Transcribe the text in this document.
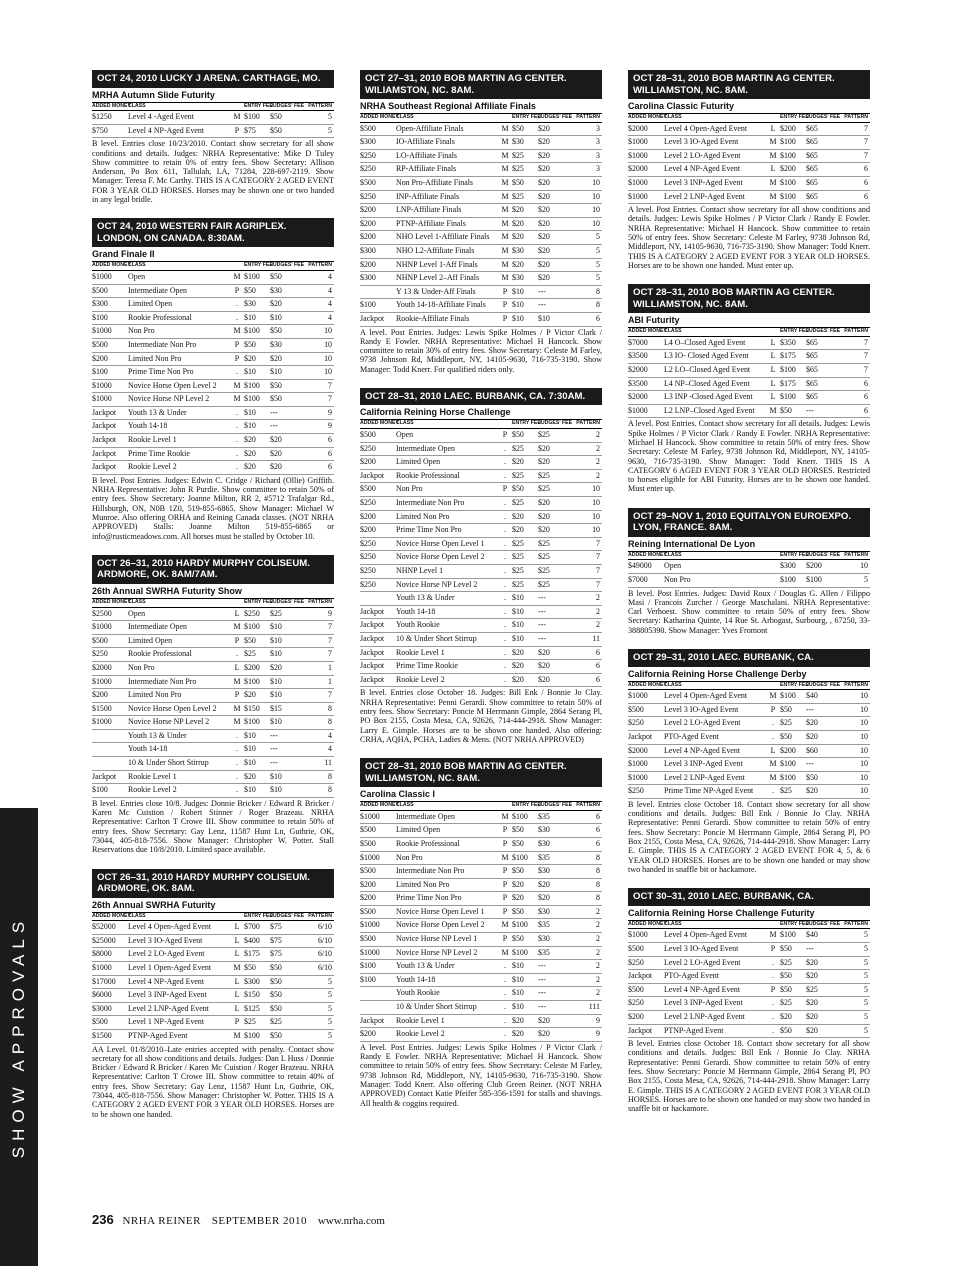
SHOW APPROVALS
OCT 24, 2010 LUCKY J ARENA. CARTHAGE, MO.
MRHA Autumn Slide Futurity
ADDED MONEY	CLASS		ENTRY FEE	JUDGES' FEE	PATTERN
$1250	Level 4 -Aged Event	M	$100	$50	5
$750	Level 4 NP-Aged Event	P	$75	$50	5
B level. Entries close 10/23/2010. Contact show secretary for all show conditions and details. Judges: NRHA Representative: Mike D Tuley Show committee to retain 0% of entry fees. Show Secretary: Allison Anderson, Po Box 611, Tallulah, LA, 71284, 228-697-2119. Show Manager: Teresa F. Mc Carthy. THIS IS A CATEGORY 2 AGED EVENT FOR 3 YEAR OLD HORSES. Horses may be shown one or two handed in any legal bridle.
OCT 24, 2010 WESTERN FAIR AGRIPLEX. LONDON, ON CANADA. 8:30AM.
Grand Finale II
ADDED MONEY	CLASS		ENTRY FEE	JUDGES' FEE	PATTERN
$1000	Open	M	$100	$50	4
$500	Intermediate Open	P	$50	$30	4
$300	Limited Open	.	$30	$20	4
$100	Rookie Professional	.	$10	$10	4
$1000	Non Pro	M	$100	$50	10
$500	Intermediate Non Pro	P	$50	$30	10
$200	Limited Non Pro	P	$20	$20	10
$100	Prime Time Non Pro	.	$10	$10	10
$1000	Novice Horse Open Level 2	M	$100	$50	7
$1000	Novice Horse NP Level 2	M	$100	$50	7
Jackpot	Youth 13 & Under	.	$10	---	9
Jackpot	Youth 14-18	.	$10	---	9
Jackpot	Rookie Level 1	.	$20	$20	6
Jackpot	Prime Time Rookie	.	$20	$20	6
Jackpot	Rookie Level 2	.	$20	$20	6
B level. Post Entries. Judges: Edwin C. Cridge / Richard (Ollie) Griffith. NRHA Representative: John R Purdie. Show committee to retain 50% of entry fees. Show Secretary: Joanne Milton, RR 2, #5712 Trafalgar Rd., Hillsburgh, ON, N0B 1Z0, 519-855-6865. Show Manager: Michael W Munroe. Also offering ORHA and Reining Canada classes. (NOT NRHA APPROVED) Stalls: Joanne Milton 519-855-6865 or info@rusticmeadows.com. All horses must be stalled by October 10.
OCT 26–31, 2010 HARDY MURPHY COLISEUM. ARDMORE, OK. 8AM/7AM.
26th Annual SWRHA Futurity Show
ADDED MONEY	CLASS		ENTRY FEE	JUDGES' FEE	PATTERN
$2500	Open	L	$250	$25	9
$1000	Intermediate Open	M	$100	$10	7
$500	Limited Open	P	$50	$10	7
$250	Rookie Professional	.	$25	$10	7
$2000	Non Pro	L	$200	$20	1
$1000	Intermediate Non Pro	M	$100	$10	1
$200	Limited Non Pro	P	$20	$10	7
$1500	Novice Horse Open Level 2	M	$150	$15	8
$1000	Novice Horse NP Level 2	M	$100	$10	8
	Youth 13 & Under	.	$10	---	4
	Youth 14-18	.	$10	---	4
	10 & Under Short Stirrup	.	$10	---	11
Jackpot	Rookie Level 1	.	$20	$10	8
$100	Rookie Level 2	.	$10	$10	8
B level. Entries close 10/8. Judges: Donnie Bricker / Edward R Bricker / Karen Mc Cuistion / Robert Stinner / Roger Brazeau. NRHA Representative: Carlton T Crowe III. Show committee to retain 50% of entry fees. Show Secretary: Gay Lenz, 11587 Hunt Ln, Guthrie, OK, 73044, 405-818-7556. Show Manager: Christopher W. Potter. Stall Reservations due 10/8/2010. Limited space available.
OCT 26–31, 2010 HARDY MURHPY COLISEUM. ARDMORE, OK. 8AM.
26th Annual SWRHA Futurity
ADDED MONEY	CLASS		ENTRY FEE	JUDGES' FEE	PATTERN
$52000	Level 4 Open-Aged Event	L	$700	$75	6/10
$25000	Level 3 IO-Aged Event	L	$400	$75	6/10
$8000	Level 2 LO-Aged Event	L	$175	$75	6/10
$1000	Level 1 Open-Aged Event	M	$50	$50	6/10
$17000	Level 4 NP-Aged Event	L	$300	$50	5
$6000	Level 3 INP-Aged Event	L	$150	$50	5
$3000	Level 2 LNP-Aged Event	L	$125	$50	5
$500	Level 1 NP-Aged Event	P	$25	$25	5
$1500	PTNP-Aged Event	M	$100	$50	5
AA Level. 01/8/2010–Late entries accepted with penalty. Contact show secretary for all show conditions and details. Judges: Dan L Huss / Donnie Bricker / Edward R Bricker / Karen Mc Cuistion / Roger Brazeau. NRHA Representative: Carlton T Crowe III. Show committee to retain 40% of entry fees. Show Secretary: Gay Lenz, 11587 Hunt Ln, Guthrie, OK, 73044, 405-818-7556. Show Manager: Christopher W. Potter. THIS IS A CATEGORY 2 AGED EVENT FOR 3 YEAR OLD HORSES. Horses are to be shown one handed.
OCT 27–31, 2010 BOB MARTIN AG CENTER. WILIAMSTON, NC. 8AM.
NRHA Southeast Regional Affiliate Finals
ADDED MONEY	CLASS		ENTRY FEE	JUDGES' FEE	PATTERN
$500	Open-Affiliate Finals	M	$50	$20	3
$300	IO-Affiliate Finals	M	$30	$20	3
$250	LO-Affiliate Finals	M	$25	$20	3
$250	RP-Affiliate Finals	M	$25	$20	3
$500	Non Pro-Affiliate Finals	M	$50	$20	10
$250	INP-Affiliate Finals	M	$25	$20	10
$200	LNP-Affiliate Finals	M	$20	$20	10
$200	PTNP-Affiliate Finals	M	$20	$20	10
$200	NHO Level 1-Affiliate Finals	M	$20	$20	5
$300	NHO L2-Affiliate Finals	M	$30	$20	5
$200	NHNP Level 1-Aff Finals	M	$20	$20	5
$300	NHNP Level 2–Aff Finals	M	$30	$20	5
	Y 13 & Under-Aff Finals	P	$10	---	8
$100	Youth 14-18-Affiliate Finals	P	$10	---	8
Jackpot	Rookie-Affiliate Finals	P	$10	$10	6
A level. Post Entries. Judges: Lewis Spike Holmes / P Victor Clark / Randy E Fowler. NRHA Representative: Michael H Hancock. Show committee to retain 30% of entry fees. Show Secretary: Celeste M Farley, 9738 Johnson Rd, Middleport, NY, 14105-9630, 716-735-3190. Show Manager: Todd Knerr. For qualified riders only.
OCT 28–31, 2010 LAEC. BURBANK, CA. 7:30AM.
California Reining Horse Challenge
ADDED MONEY	CLASS		ENTRY FEE	JUDGES' FEE	PATTERN
$500	Open	P	$50	$25	2
$250	Intermediate Open	.	$25	$20	2
$200	Limited Open	.	$20	$20	2
Jackpot	Rookie Professional	.	$25	$25	2
$500	Non Pro	P	$50	$25	10
$250	Intermediate Non Pro	.	$25	$20	10
$200	Limited Non Pro	.	$20	$20	10
$200	Prime Time Non Pro	.	$20	$20	10
$250	Novice Horse Open Level 1	.	$25	$25	7
$250	Novice Horse Open Level 2	.	$25	$25	7
$250	NHNP Level 1	.	$25	$25	7
$250	Novice Horse NP Level 2	.	$25	$25	7
	Youth 13 & Under	.	$10	---	2
Jackpot	Youth 14-18	.	$10	---	2
Jackpot	Youth Rookie	.	$10	---	2
Jackpot	10 & Under Short Stirrup	.	$10	---	11
Jackpot	Rookie Level 1	.	$20	$20	6
Jackpot	Prime Time Rookie	.	$20	$20	6
Jackpot	Rookie Level 2	.	$20	$20	6
B level. Entries close October 18. Judges: Bill Enk / Bonnie Jo Clay. NRHA Representative: Penni Gerardi. Show committee to retain 50% of entry fees. Show Secretary: Poncie M Herrmann Gimple, 2864 Serang Pl, PO Box 2155, Costa Mesa, CA, 92626, 714-444-2918. Show Manager: Larry E. Gimple. Horses are to be shown one handed. Also offering: CRHA, AQHA, PCHA, Ladies & Mens. (NOT NRHA APPROVED)
OCT 28–31, 2010 BOB MARTIN AG CENTER. WILLIAMSTON, NC. 8AM.
Carolina Classic I
ADDED MONEY	CLASS		ENTRY FEE	JUDGES' FEE	PATTERN
$1000	Intermediate Open	M	$100	$35	6
$500	Limited Open	P	$50	$30	6
$500	Rookie Professional	P	$50	$30	6
$1000	Non Pro	M	$100	$35	8
$500	Intermediate Non Pro	P	$50	$30	8
$200	Limited Non Pro	P	$20	$20	8
$200	Prime Time Non Pro	P	$20	$20	8
$500	Novice Horse Open Level 1	P	$50	$30	2
$1000	Novice Horse Open Level 2	M	$100	$35	2
$500	Novice Horse NP Level 1	P	$50	$30	2
$1000	Novice Horse NP Level 2	M	$100	$35	2
$100	Youth 13 & Under	.	$10	---	2
$100	Youth 14-18	.	$10	---	2
	Youth Rookie	.	$10	---	2
	10 & Under Short Stirrup	.	$10	---	111
Jackpot	Rookie Level 1	.	$20	$20	9
$200	Rookie Level 2	.	$20	$20	9
A level. Post Entries. Judges: Lewis Spike Holmes / P Victor Clark / Randy E Fowler. NRHA Representative: Michael H Hancock. Show committee to retain 50% of entry fees. Show Secretary: Celeste M Farley, 9738 Johnson Rd, Middleport, NY, 14105-9630, 716-735-3190. Show Manager: Todd Knerr. Also offering Club Green Reiner. (NOT NRHA APPROVED) Contact Katie Pfeifer 585-356-1591 for stalls and shavings. All health & coggins required.
OCT 28–31, 2010 BOB MARTIN AG CENTER. WILLIAMSTON, NC. 8AM.
Carolina Classic Futurity
ADDED MONEY	CLASS		ENTRY FEE	JUDGES' FEE	PATTERN
$2000	Level 4 Open-Aged Event	L	$200	$65	7
$1000	Level 3 IO-Aged Event	M	$100	$65	7
$1000	Level 2 LO-Aged Event	M	$100	$65	7
$2000	Level 4 NP-Aged Event	L	$200	$65	6
$1000	Level 3 INP-Aged Event	M	$100	$65	6
$1000	Level 2 LNP-Aged Event	M	$100	$65	6
A level. Post Entries. Contact show secretary for all show conditions and details. Judges: Lewis Spike Holmes / P Victor Clark / Randy E Fowler. NRHA Representative: Michael H Hancock. Show committee to retain 50% of entry fees. Show Secretary: Celeste M Farley, 9738 Johnson Rd, Middleport, NY, 14105-9630, 716-735-3190. Show Manager: Todd Knerr. THIS IS A CATEGORY 2 AGED EVENT FOR 3 YEAR OLD HORSES. Horses are to be shown one handed. Must enter up.
OCT 28–31, 2010 BOB MARTIN AG CENTER. WILLIAMSTON, NC. 8AM.
ABI Futurity
ADDED MONEY	CLASS		ENTRY FEE	JUDGES' FEE	PATTERN
$7000	L4 O–Closed Aged Event	L	$350	$65	7
$3500	L3 IO- Closed Aged Event	L	$175	$65	7
$2000	L2 LO–Closed Aged Event	L	$100	$65	7
$3500	L4 NP–Closed Aged Event	L	$175	$65	6
$2000	L3 INP -Closed Aged Event	L	$100	$65	6
$1000	L2 LNP–Closed Aged Event	M	$50	---	6
A level. Post Entries. Contact show secretary for all details. Judges: Lewis Spike Holmes / P Victor Clark / Randy E Fowler. NRHA Representative: Michael H Hancock. Show committee to retain 50% of entry fees. Show Secretary: Celeste M Farley, 9738 Johnson Rd, Middleport, NY, 14105-9630, 716-735-3190. Show Manager: Todd Knerr. THIS IS A CATEGORY 6 AGED EVENT FOR 3 YEAR OLD HORSES. Restricted to horses eligible for ABI Futurity. Horses are to be shown one handed. Must enter up.
OCT 29–NOV 1, 2010 EQUITALYON EUROEXPO. LYON, FRANCE. 8AM.
Reining International De Lyon
ADDED MONEY	CLASS		ENTRY FEE	JUDGES' FEE	PATTERN
$49000	Open		$300	$200	10
$7000	Non Pro		$100	$100	5
B level. Post Entries. Judges: David Roux / Douglas G. Allen / Filippo Masi / Francois Zurcher / George Maschalani. NRHA Representative: Carl Verhoest. Show committee to retain 50% of entry fees. Show Secretary: Katharina Quinte, 14 Rue St. Arbogast, Surbourg, , 67250, 33-388805390. Show Manager: Yves Fromont
OCT 29–31, 2010 LAEC. BURBANK, CA.
California Reining Horse Challenge Derby
ADDED MONEY	CLASS		ENTRY FEE	JUDGES' FEE	PATTERN
$1000	Level 4 Open-Aged Event	M	$100	$40	10
$500	Level 3 IO-Aged Event	P	$50	---	10
$250	Level 2 LO-Aged Event	.	$25	$20	10
Jackpot	PTO-Aged Event	.	$50	$20	10
$2000	Level 4 NP-Aged Event	L	$200	$60	10
$1000	Level 3 INP-Aged Event	M	$100	---	10
$1000	Level 2 LNP-Aged Event	M	$100	$50	10
$250	Prime Time NP-Aged Event	.	$25	$20	10
B level. Entries close October 18. Contact show secretary for all show conditions and details. Judges: Bill Enk / Bonnie Jo Clay. NRHA Representative: Penni Gerardi. Show committee to retain 50% of entry fees. Show Secretary: Poncie M Herrmann Gimple, 2864 Serang Pl, PO Box 2155, Costa Mesa, CA, 92626, 714-444-2918. Show Manager: Larry E. Gimple. THIS IS A CATEGORY 2 AGED EVENT FOR 4, 5, & 6 YEAR OLD HORSES. Horses are to be shown one handed or may show two handed in snaffle bit or hackamore.
OCT 30–31, 2010 LAEC. BURBANK, CA.
California Reining Horse Challenge Futurity
ADDED MONEY	CLASS		ENTRY FEE	JUDGES' FEE	PATTERN
$1000	Level 4 Open-Aged Event	M	$100	$40	5
$500	Level 3 IO-Aged Event	P	$50	---	5
$250	Level 2 LO-Aged Event	.	$25	$20	5
Jackpot	PTO-Aged Event	.	$50	$20	5
$500	Level 4 NP-Aged Event	P	$50	$25	5
$250	Level 3 INP-Aged Event	.	$25	$20	5
$200	Level 2 LNP-Aged Event	.	$20	$20	5
Jackpot	PTNP-Aged Event	.	$50	$20	5
B level. Entries close October 18. Contact show secretary for all show conditions and details. Judges: Bill Enk / Bonnie Jo Clay. NRHA Representative: Penni Gerardi. Show committee to retain 50% of entry fees. Show Secretary: Poncie M Herrmann Gimple, 2864 Serang Pl, PO Box 2155, Costa Mesa, CA, 92626, 714-444-2918. Show Manager: Larry E. Gimple. THIS IS A CATEGORY 2 AGED EVENT FOR 3 YEAR OLD HORSES. Horses are to be shown one handed or may show two handed in snaffle bit or hackamore.
236 NRHA REINER SEPTEMBER 2010 www.nrha.com
